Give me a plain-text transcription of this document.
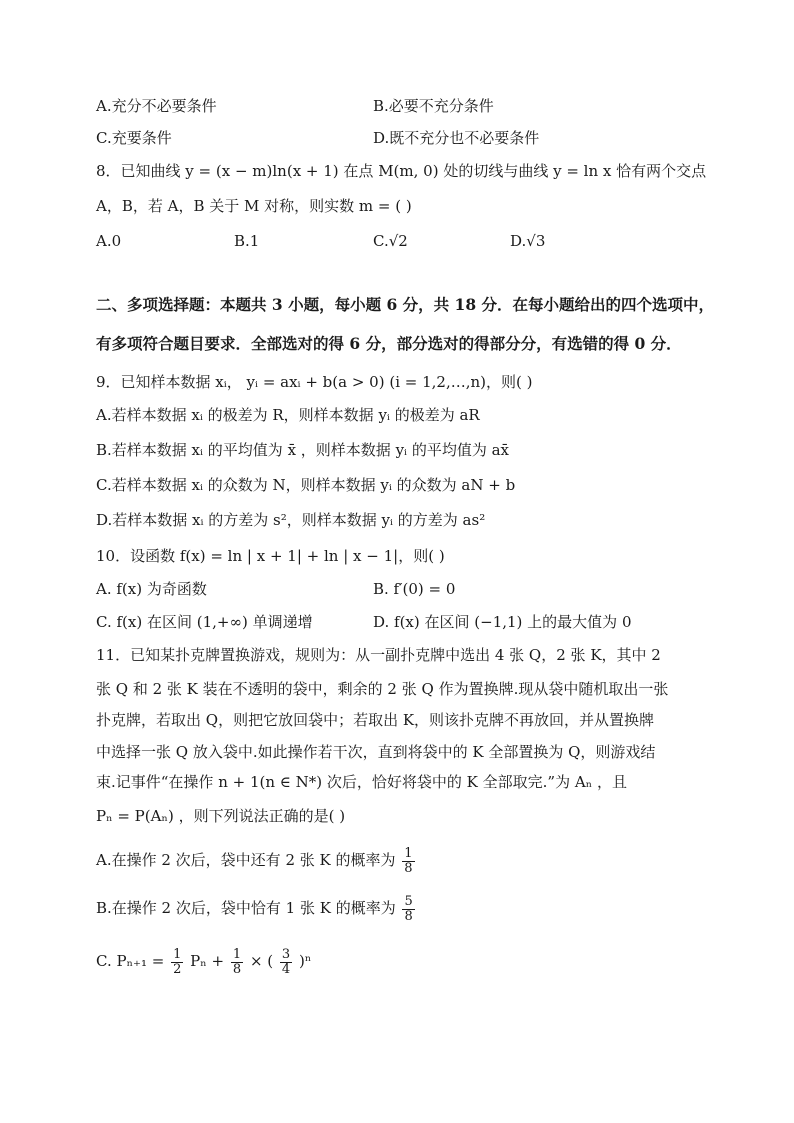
A.充分不必要条件	B.必要不充分条件
C.充要条件	D.既不充分也不必要条件
8．已知曲线 y = (x − m)ln(x + 1) 在点 M(m, 0) 处的切线与曲线 y = ln x 恰有两个交点
A，B，若 A，B 关于 M 对称，则实数 m = ( )
A.0	B.1	C.√2	D.√3
二、多项选择题：本题共 3 小题，每小题 6 分，共 18 分．在每小题给出的四个选项中，
有多项符合题目要求．全部选对的得 6 分，部分选对的得部分分，有选错的得 0 分．
9．已知样本数据 xᵢ， yᵢ = axᵢ + b(a > 0) (i = 1,2,…,n)，则( )
A.若样本数据 xᵢ 的极差为 R，则样本数据 yᵢ 的极差为 aR
B.若样本数据 xᵢ 的平均值为 x̄ ，则样本数据 yᵢ 的平均值为 ax̄
C.若样本数据 xᵢ 的众数为 N，则样本数据 yᵢ 的众数为 aN + b
D.若样本数据 xᵢ 的方差为 s²，则样本数据 yᵢ 的方差为 as²
10．设函数 f(x) = ln | x + 1| + ln | x − 1|，则( )
A. f(x) 为奇函数	B. f′(0) = 0
C. f(x) 在区间 (1,+∞) 单调递增	D. f(x) 在区间 (−1,1) 上的最大值为 0
11．已知某扑克牌置换游戏，规则为：从一副扑克牌中选出 4 张 Q，2 张 K，其中 2
张 Q 和 2 张 K 装在不透明的袋中，剩余的 2 张 Q 作为置换牌.现从袋中随机取出一张
扑克牌，若取出 Q，则把它放回袋中；若取出 K，则该扑克牌不再放回，并从置换牌
中选择一张 Q 放入袋中.如此操作若干次，直到将袋中的 K 全部置换为 Q，则游戏结
束.记事件“在操作 n + 1(n ∈ N*) 次后，恰好将袋中的 K 全部取完.”为 Aₙ ，且
Pₙ = P(Aₙ) ，则下列说法正确的是( )
A.在操作 2 次后，袋中还有 2 张 K 的概率为 $\frac{1}{8}$
B.在操作 2 次后，袋中恰有 1 张 K 的概率为 $\frac{5}{8}$
C. $P_{n+1} = \frac{1}{2}$ $P_n + \frac{1}{8}$ × ( $\frac{3}{4} )^n$
